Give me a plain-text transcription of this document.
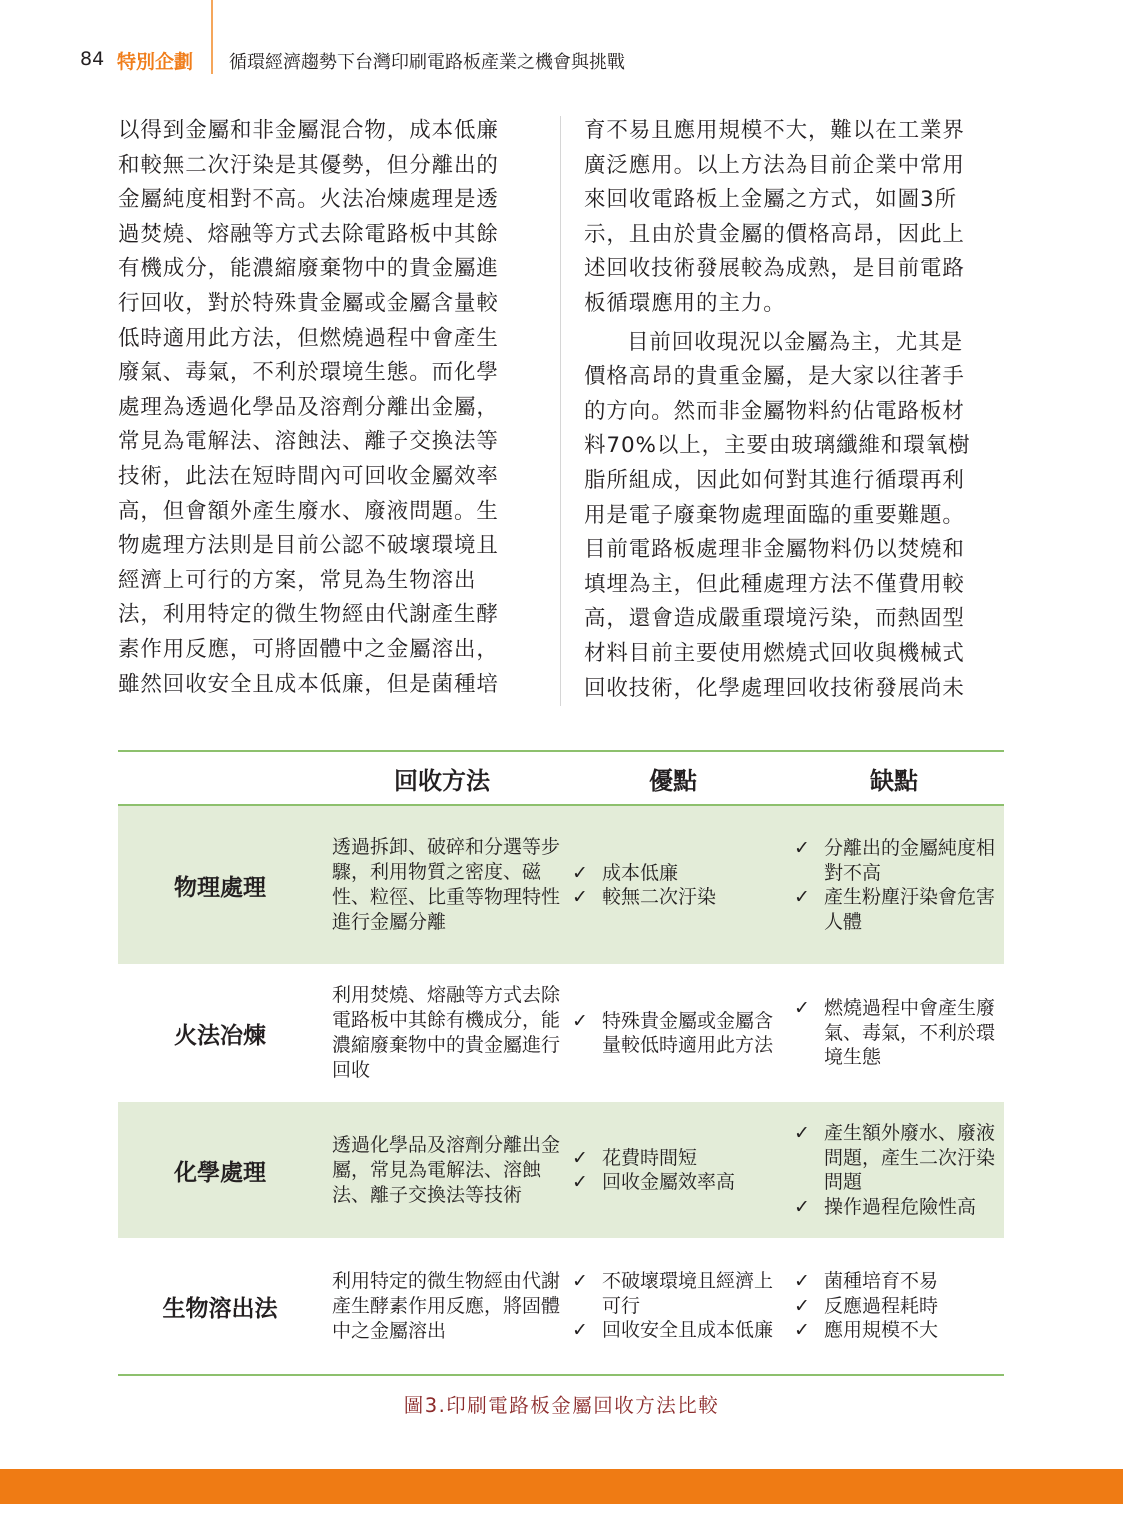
84 特別企劃 循環經濟趨勢下台灣印刷電路板產業之機會與挑戰

以得到金屬和非金屬混合物，成本低廉
和較無二次汙染是其優勢，但分離出的
金屬純度相對不高。火法冶煉處理是透
過焚燒、熔融等方式去除電路板中其餘
有機成分，能濃縮廢棄物中的貴金屬進
行回收，對於特殊貴金屬或金屬含量較
低時適用此方法，但燃燒過程中會產生
廢氣、毒氣，不利於環境生態。而化學
處理為透過化學品及溶劑分離出金屬，
常見為電解法、溶蝕法、離子交換法等
技術，此法在短時間內可回收金屬效率
高，但會額外產生廢水、廢液問題。生
物處理方法則是目前公認不破壞環境且
經濟上可行的方案，常見為生物溶出
法，利用特定的微生物經由代謝產生酵
素作用反應，可將固體中之金屬溶出，
雖然回收安全且成本低廉，但是菌種培

育不易且應用規模不大，難以在工業界
廣泛應用。以上方法為目前企業中常用
來回收電路板上金屬之方式，如圖3所
示，且由於貴金屬的價格高昂，因此上
述回收技術發展較為成熟，是目前電路
板循環應用的主力。

目前回收現況以金屬為主，尤其是
價格高昂的貴重金屬，是大家以往著手
的方向。然而非金屬物料約佔電路板材
料70%以上，主要由玻璃纖維和環氧樹
脂所組成，因此如何對其進行循環再利
用是電子廢棄物處理面臨的重要難題。
目前電路板處理非金屬物料仍以焚燒和
填埋為主，但此種處理方法不僅費用較
高，還會造成嚴重環境污染，而熱固型
材料目前主要使用燃燒式回收與機械式
回收技術，化學處理回收技術發展尚未

回收方法	優點	缺點
物理處理
透過拆卸、破碎和分選等步驟，利用物質之密度、磁性、粒徑、比重等物理特性進行金屬分離
✓ 成本低廉
✓ 較無二次汙染
✓ 分離出的金屬純度相對不高
✓ 產生粉塵汙染會危害人體
火法冶煉
利用焚燒、熔融等方式去除電路板中其餘有機成分，能濃縮廢棄物中的貴金屬進行回收
✓ 特殊貴金屬或金屬含量較低時適用此方法
✓ 燃燒過程中會產生廢氣、毒氣，不利於環境生態
化學處理
透過化學品及溶劑分離出金屬，常見為電解法、溶蝕法、離子交換法等技術
✓ 花費時間短
✓ 回收金屬效率高
✓ 產生額外廢水、廢液問題，產生二次汙染問題
✓ 操作過程危險性高
生物溶出法
利用特定的微生物經由代謝產生酵素作用反應，將固體中之金屬溶出
✓ 不破壞環境且經濟上可行
✓ 回收安全且成本低廉
✓ 菌種培育不易
✓ 反應過程耗時
✓ 應用規模不大
圖3.印刷電路板金屬回收方法比較
